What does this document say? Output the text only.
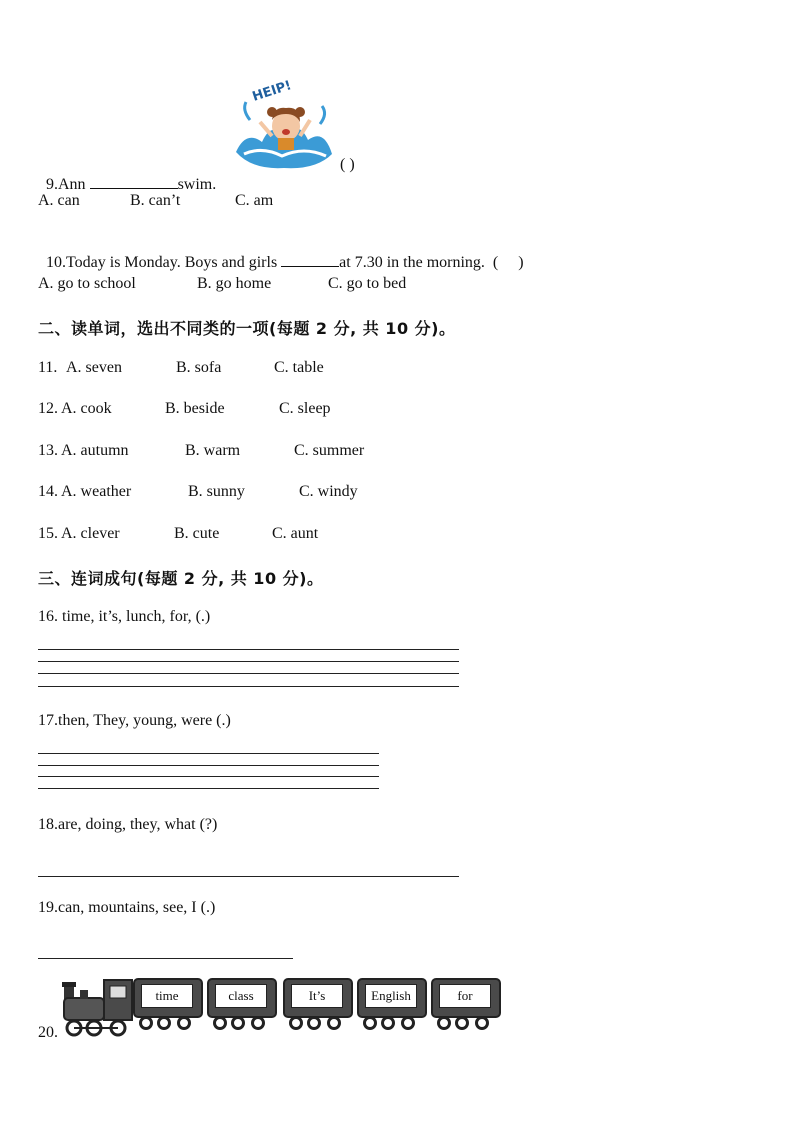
9.Ann	swim.

( )
HEIP!
A. can	B. can’t	C. am

10.Today is Monday. Boys and girls	at 7.30 in the morning.  (     )

A. go to school	B. go home	C. go to bed
二、读单词，选出不同类的一项(每题 2 分, 共 10 分)。
11. A. seven	B. sofa	C. table
12. A. cook	B. beside	C. sleep
13. A. autumn	B. warm	C. summer
14. A. weather	B. sunny	C. windy
15. A. clever	B. cute	C. aunt
三、连词成句(每题 2 分, 共 10 分)。
16. time, it’s, lunch, for, (.)
17.then, They, young, were (.)
18.are, doing, they, what (?)
19.can, mountains, see, I (.)
20.
time	class	It’s	English	for
